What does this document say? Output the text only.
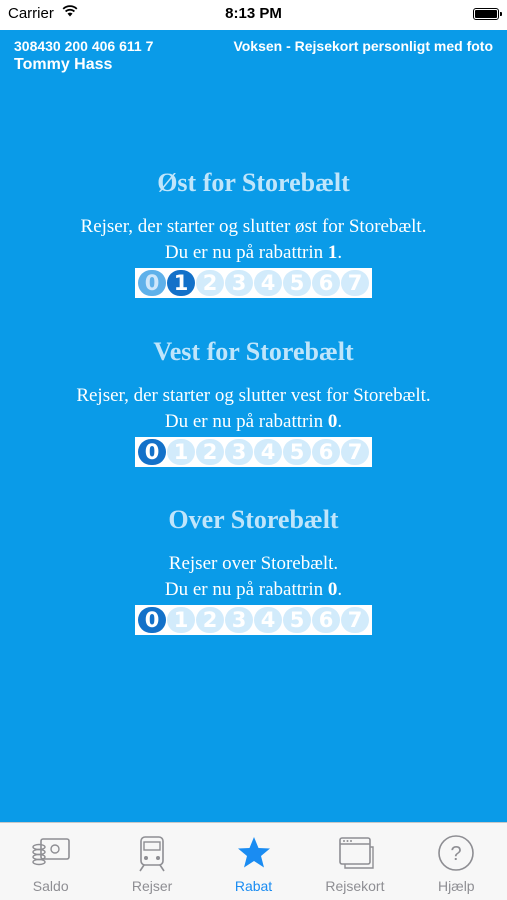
Carrier	8:13 PM
308430 200 406 611 7	Voksen - Rejsekort personligt med foto
Tommy Hass
Øst for Storebælt
Rejser, der starter og slutter øst for Storebælt.
Du er nu på rabattrin 1.
0 1 2 3 4 5 6 7
Vest for Storebælt
Rejser, der starter og slutter vest for Storebælt.
Du er nu på rabattrin 0.
0 1 2 3 4 5 6 7
Over Storebælt
Rejser over Storebælt.
Du er nu på rabattrin 0.
0 1 2 3 4 5 6 7
Saldo	Rejser	Rabat	Rejsekort
?
Hjælp
